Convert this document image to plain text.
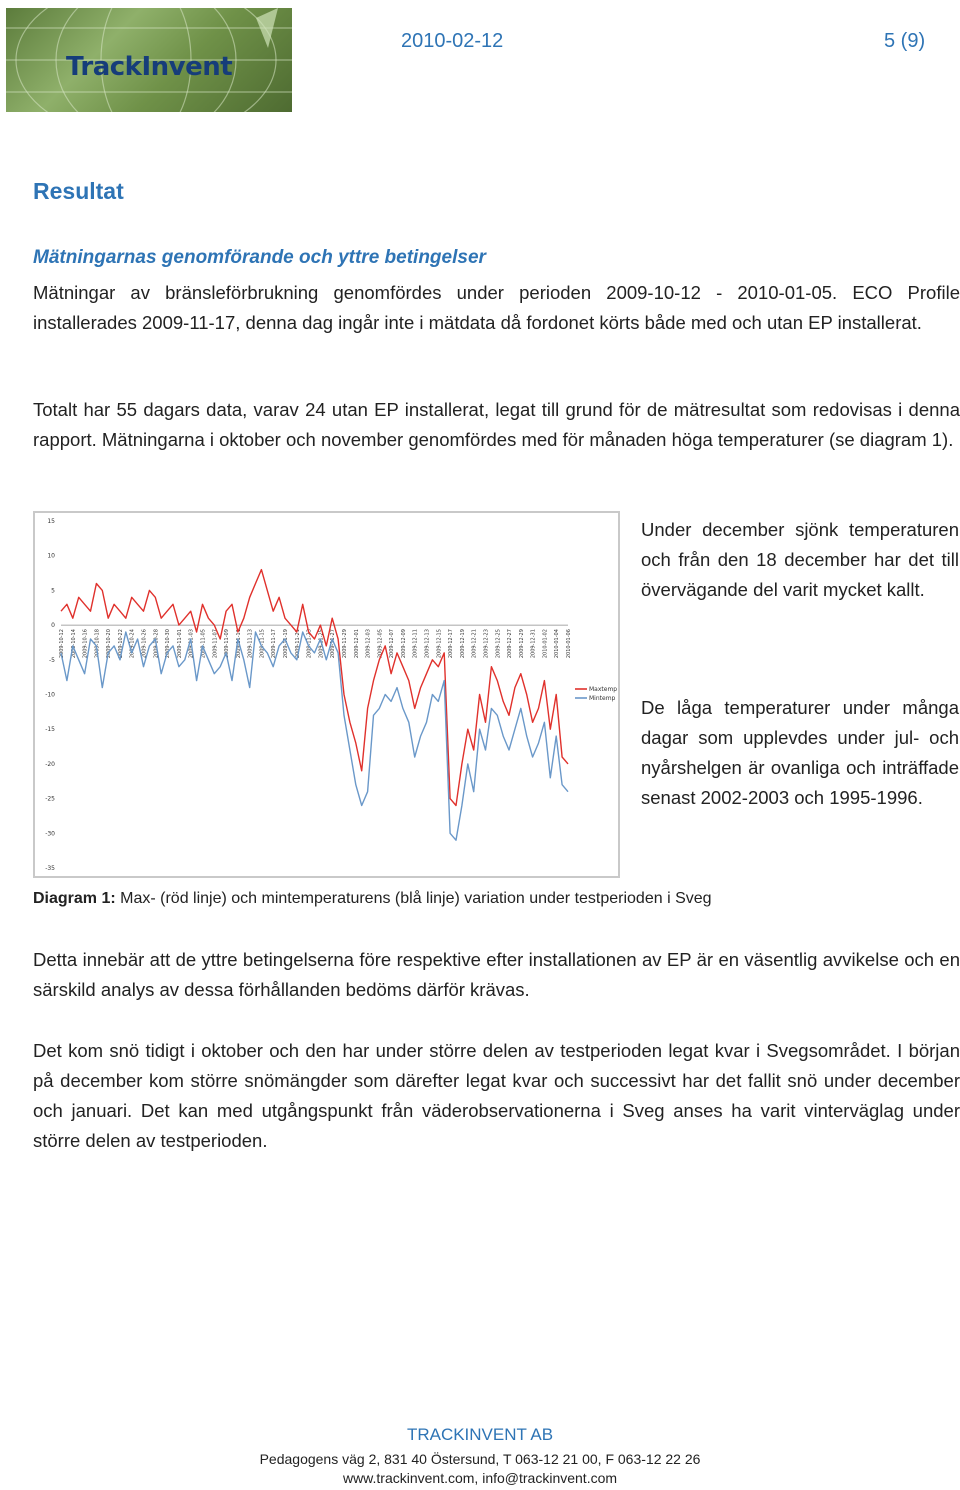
TrackInvent
2010-02-12	5 (9)
Resultat
Mätningarnas genomförande och yttre betingelser
Mätningar av bränsleförbrukning genomfördes under perioden 2009-10-12 - 2010-01-05. ECO Profile installerades 2009-11-17, denna dag ingår inte i mätdata då fordonet körts både med och utan EP installerat.
Totalt har 55 dagars data, varav 24 utan EP installerat, legat till grund för de mätresultat som redovisas i denna rapport. Mätningarna i oktober och november genomfördes med för månaden höga temperaturer (se diagram 1).
15
10
5
0
-5
-10
-15
-20
-25
-30
-35
2009-10-12 2009-10-14 2009-10-16 2009-10-18 2009-10-20 2009-10-22 2009-10-24 2009-10-26 2009-10-28 2009-10-30 2009-11-01 2009-11-03 2009-11-05 2009-11-07 2009-11-09 2009-11-11 2009-11-13 2009-11-15 2009-11-17 2009-11-19 2009-11-21 2009-11-23 2009-11-25 2009-11-27 2009-11-29 2009-12-01 2009-12-03 2009-12-05 2009-12-07 2009-12-09 2009-12-11 2009-12-13 2009-12-15 2009-12-17 2009-12-19 2009-12-21 2009-12-23 2009-12-25 2009-12-27 2009-12-29 2009-12-31 2010-01-02 2010-01-04 2010-01-06
Maxtemp
Mintemp
Under december sjönk temperaturen och från den 18 december har det till övervägande del varit mycket kallt.
De låga temperaturer under många dagar som upplevdes under jul- och nyårshelgen är ovanliga och inträffade senast 2002-2003 och 1995-1996.
Diagram 1: Max- (röd linje) och mintemperaturens (blå linje) variation under testperioden i Sveg
Detta innebär att de yttre betingelserna före respektive efter installationen av EP är en väsentlig avvikelse och en särskild analys av dessa förhållanden bedöms därför krävas.
Det kom snö tidigt i oktober och den har under större delen av testperioden legat kvar i Svegsområdet. I början på december kom större snömängder som därefter legat kvar och successivt har det fallit snö under december och januari. Det kan med utgångspunkt från väderobservationerna i Sveg anses ha varit vinterväglag under större delen av testperioden.
TRACKINVENT AB
Pedagogens väg 2, 831 40 Östersund, T 063-12 21 00, F 063-12 22 26
www.trackinvent.com, info@trackinvent.com
